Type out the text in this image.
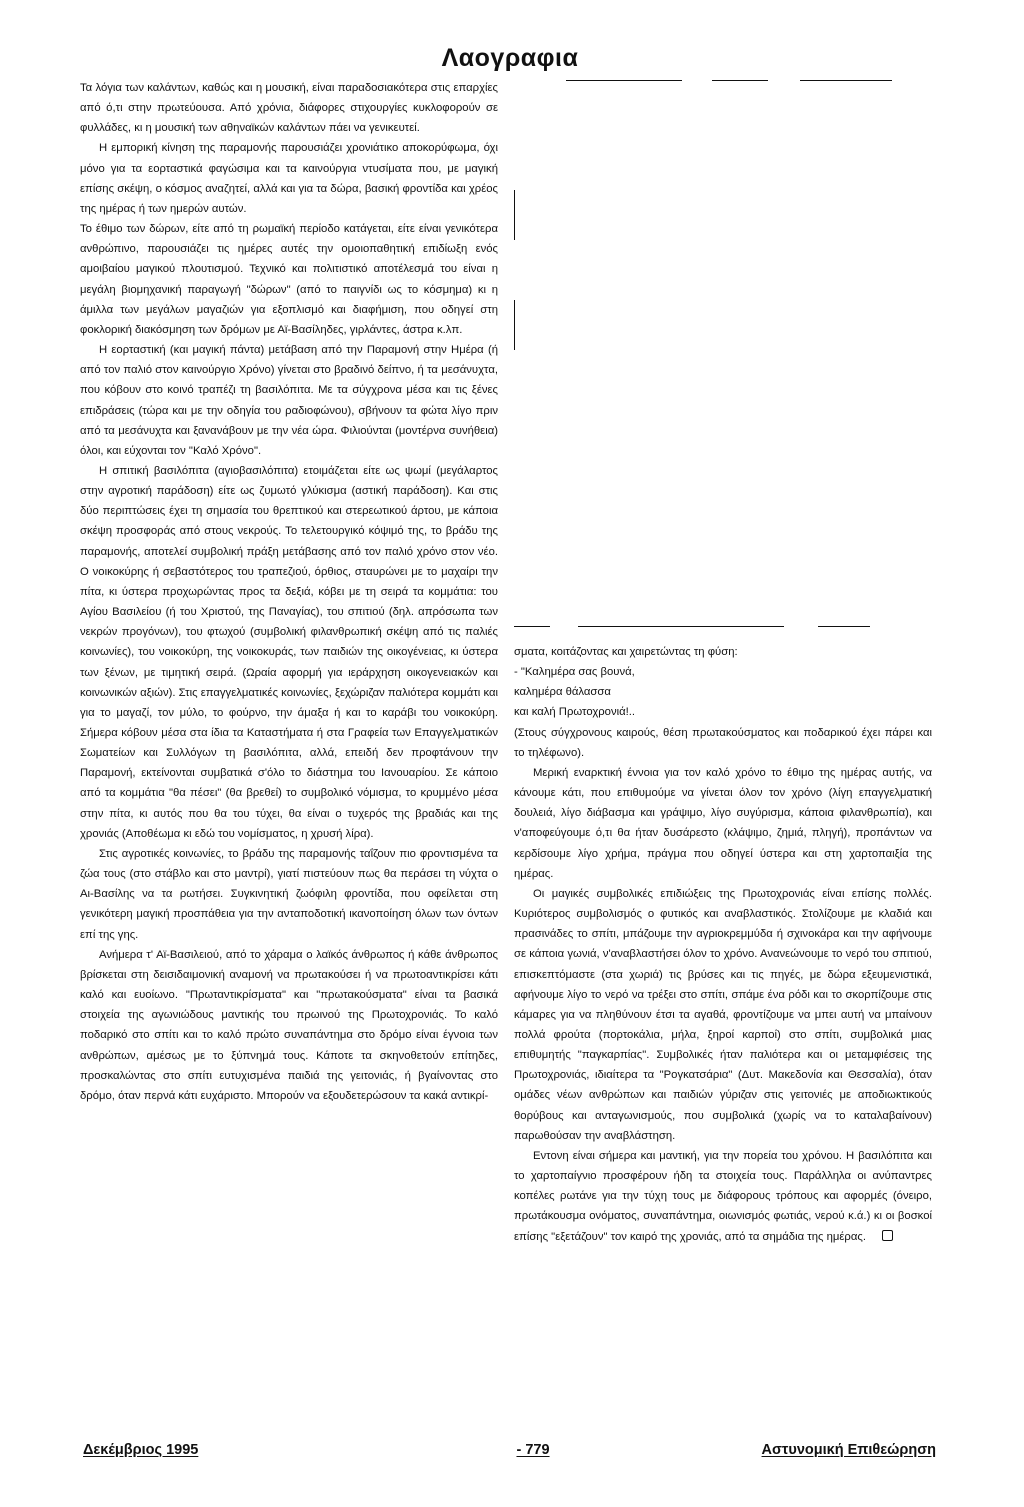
Λαογραφια

Τα λόγια των καλάντων, καθώς και η μουσική, είναι παραδοσιακότερα στις επαρχίες από ό,τι στην πρωτεύουσα. Από χρόνια, διάφορες στιχουργίες κυκλοφορούν σε φυλλάδες, κι η μουσική των αθηναϊκών καλάντων πάει να γενικευτεί.

Η εμπορική κίνηση της παραμονής παρουσιάζει χρονιάτικο αποκορύφωμα, όχι μόνο για τα εορταστικά φαγώσιμα και τα καινούργια ντυσίματα που, με μαγική επίσης σκέψη, ο κόσμος αναζητεί, αλλά και για τα δώρα, βασική φροντίδα και χρέος της ημέρας ή των ημερών αυτών.

Το έθιμο των δώρων, είτε από τη ρωμαϊκή περίοδο κατάγεται, είτε είναι γενικότερα ανθρώπινο, παρουσιάζει τις ημέρες αυτές την ομοιοπαθητική επιδίωξη ενός αμοιβαίου μαγικού πλουτισμού. Τεχνικό και πολιτιστικό αποτέλεσμά του είναι η μεγάλη βιομηχανική παραγωγή "δώρων" (από το παιγνίδι ως το κόσμημα) κι η άμιλλα των μεγάλων μαγαζιών για εξοπλισμό και διαφήμιση, που οδηγεί στη φοκλορική διακόσμηση των δρόμων με Αϊ-Βασίληδες, γιρλάντες, άστρα κ.λπ.

Η εορταστική (και μαγική πάντα) μετάβαση από την Παραμονή στην Ημέρα (ή από τον παλιό στον καινούργιο Χρόνο) γίνεται στο βραδινό δείπνο, ή τα μεσάνυχτα, που κόβουν στο κοινό τραπέζι τη βασιλόπιτα. Με τα σύγχρονα μέσα και τις ξένες επιδράσεις (τώρα και με την οδηγία του ραδιοφώνου), σβήνουν τα φώτα λίγο πριν από τα μεσάνυχτα και ξανανάβουν με την νέα ώρα. Φιλιούνται (μοντέρνα συνήθεια) όλοι, και εύχονται τον "Καλό Χρόνο".

Η σπιτική βασιλόπιτα (αγιοβασιλόπιτα) ετοιμάζεται είτε ως ψωμί (μεγάλαρτος στην αγροτική παράδοση) είτε ως ζυμωτό γλύκισμα (αστική παράδοση). Και στις δύο περιπτώσεις έχει τη σημασία του θρεπτικού και στερεωτικού άρτου, με κάποια σκέψη προσφοράς από στους νεκρούς. Το τελετουργικό κόψιμό της, το βράδυ της παραμονής, αποτελεί συμβολική πράξη μετάβασης από τον παλιό χρόνο στον νέο. Ο νοικοκύρης ή σεβαστότερος του τραπεζιού, όρθιος, σταυρώνει με το μαχαίρι την πίτα, κι ύστερα προχωρώντας προς τα δεξιά, κόβει με τη σειρά τα κομμάτια: του Αγίου Βασιλείου (ή του Χριστού, της Παναγίας), του σπιτιού (δηλ. απρόσωπα των νεκρών προγόνων), του φτωχού (συμβολική φιλανθρωπική σκέψη από τις παλιές κοινωνίες), του νοικοκύρη, της νοικοκυράς, των παιδιών της οικογένειας, κι ύστερα των ξένων, με τιμητική σειρά. (Ωραία αφορμή για ιεράρχηση οικογενειακών και κοινωνικών αξιών). Στις επαγγελματικές κοινωνίες, ξεχώριζαν παλιότερα κομμάτι και για το μαγαζί, τον μύλο, το φούρνο, την άμαξα ή και το καράβι του νοικοκύρη. Σήμερα κόβουν μέσα στα ίδια τα Καταστήματα ή στα Γραφεία των Επαγγελματικών Σωματείων και Συλλόγων τη βασιλόπιτα, αλλά, επειδή δεν προφτάνουν την Παραμονή, εκτείνονται συμβατικά σ'όλο το διάστημα του Ιανουαρίου. Σε κάποιο από τα κομμάτια "θα πέσει" (θα βρεθεί) το συμβολικό νόμισμα, το κρυμμένο μέσα στην πίτα, κι αυτός που θα του τύχει, θα είναι ο τυχερός της βραδιάς και της χρονιάς (Αποθέωμα κι εδώ του νομίσματος, η χρυσή λίρα).

Στις αγροτικές κοινωνίες, το βράδυ της παραμονής ταΐζουν πιο φροντισμένα τα ζώα τους (στο στάβλο και στο μαντρί), γιατί πιστεύουν πως θα περάσει τη νύχτα ο Αι-Βασίλης να τα ρωτήσει. Συγκινητική ζωόφιλη φροντίδα, που οφείλεται στη γενικότερη μαγική προσπάθεια για την ανταποδοτική ικανοποίηση όλων των όντων επί της γης.

Ανήμερα τ' Αϊ-Βασιλειού, από το χάραμα ο λαϊκός άνθρωπος ή κάθε άνθρωπος βρίσκεται στη δεισιδαιμονική αναμονή να πρωτακούσει ή να πρωτοαντικρίσει κάτι καλό και ευοίωνο. "Πρωταντικρίσματα" και "πρωτακούσματα" είναι τα βασικά στοιχεία της αγωνιώδους μαντικής του πρωινού της Πρωτοχρονιάς. Το καλό ποδαρικό στο σπίτι και το καλό πρώτο συναπάντημα στο δρόμο είναι έγνοια των ανθρώπων, αμέσως με το ξύπνημά τους. Κάποτε τα σκηνοθετούν επίτηδες, προσκαλώντας στο σπίτι ευτυχισμένα παιδιά της γειτονιάς, ή βγαίνοντας στο δρόμο, όταν περνά κάτι ευχάριστο. Μπορούν να εξουδετερώσουν τα κακά αντικρί-

σματα, κοιτάζοντας και χαιρετώντας τη φύση:

- "Καλημέρα σας βουνά,

καλημέρα θάλασσα

και καλή Πρωτοχρονιά!..

(Στους σύγχρονους καιρούς, θέση πρωτακούσματος και ποδαρικού έχει πάρει και το τηλέφωνο).

Μερική εναρκτική έννοια για τον καλό χρόνο το έθιμο της ημέρας αυτής, να κάνουμε κάτι, που επιθυμούμε να γίνεται όλον τον χρόνο (λίγη επαγγελματική δουλειά, λίγο διάβασμα και γράψιμο, λίγο συγύρισμα, κάποια φιλανθρωπία), και ν'αποφεύγουμε ό,τι θα ήταν δυσάρεστο (κλάψιμο, ζημιά, πληγή), προπάντων να κερδίσουμε λίγο χρήμα, πράγμα που οδηγεί ύστερα και στη χαρτοπαιξία της ημέρας.

Οι μαγικές συμβολικές επιδιώξεις της Πρωτοχρονιάς είναι επίσης πολλές. Κυριότερος συμβολισμός ο φυτικός και αναβλαστικός. Στολίζουμε με κλαδιά και πρασινάδες το σπίτι, μπάζουμε την αγριοκρεμμύδα ή σχινοκάρα και την αφήνουμε σε κάποια γωνιά, ν'αναβλαστήσει όλον το χρόνο. Ανανεώνουμε το νερό του σπιτιού, επισκεπτόμαστε (στα χωριά) τις βρύσες και τις πηγές, με δώρα εξευμενιστικά, αφήνουμε λίγο το νερό να τρέξει στο σπίτι, σπάμε ένα ρόδι και το σκορπίζουμε στις κάμαρες για να πληθύνουν έτσι τα αγαθά, φροντίζουμε να μπει αυτή να μπαίνουν πολλά φρούτα (πορτοκάλια, μήλα, ξηροί καρποί) στο σπίτι, συμβολικά μιας επιθυμητής "παγκαρπίας". Συμβολικές ήταν παλιότερα και οι μεταμφιέσεις της Πρωτοχρονιάς, ιδιαίτερα τα "Ρογκατσάρια" (Δυτ. Μακεδονία και Θεσσαλία), όταν ομάδες νέων ανθρώπων και παιδιών γύριζαν στις γειτονιές με αποδιωκτικούς θορύβους και ανταγωνισμούς, που συμβολικά (χωρίς να το καταλαβαίνουν) παρωθούσαν την αναβλάστηση.

Εντονη είναι σήμερα και μαντική, για την πορεία του χρόνου. Η βασιλόπιτα και το χαρτοπαίγνιο προσφέρουν ήδη τα στοιχεία τους. Παράλληλα οι ανύπαντρες κοπέλες ρωτάνε για την τύχη τους με διάφορους τρόπους και αφορμές (όνειρο, πρωτάκουσμα ονόματος, συναπάντημα, οιωνισμός φωτιάς, νερού κ.ά.) κι οι βοσκοί επίσης "εξετάζουν" τον καιρό της χρονιάς, από τα σημάδια της ημέρας.

Δεκέμβριος 1995	- 779	Αστυνομική Επιθεώρηση
